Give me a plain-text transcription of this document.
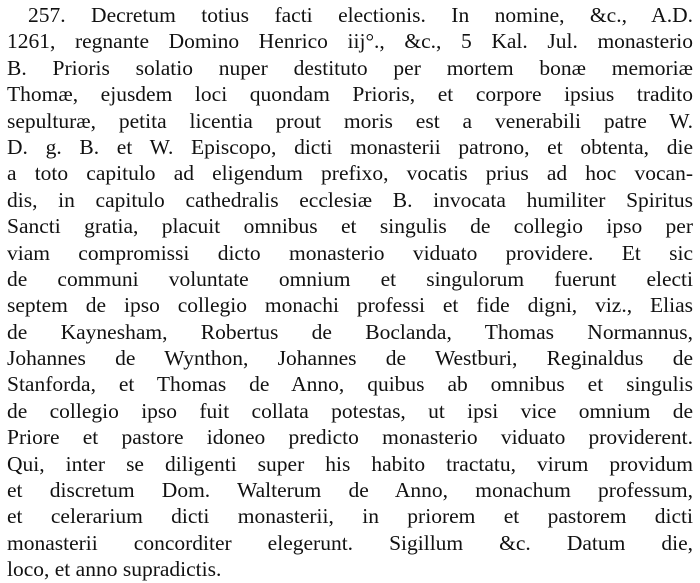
257. Decretum totius facti electionis. In nomine, &c., A.D.
1261, regnante Domino Henrico iij°., &c., 5 Kal. Jul. monasterio
B. Prioris solatio nuper destituto per mortem bonæ memoriæ
Thomæ, ejusdem loci quondam Prioris, et corpore ipsius tradito
sepulturæ, petita licentia prout moris est a venerabili patre W.
D. g. B. et W. Episcopo, dicti monasterii patrono, et obtenta, die
a toto capitulo ad eligendum prefixo, vocatis prius ad hoc vocan-
dis, in capitulo cathedralis ecclesiæ B. invocata humiliter Spiritus
Sancti gratia, placuit omnibus et singulis de collegio ipso per
viam compromissi dicto monasterio viduato providere. Et sic
de communi voluntate omnium et singulorum fuerunt electi
septem de ipso collegio monachi professi et fide digni, viz., Elias
de Kaynesham, Robertus de Boclanda, Thomas Normannus,
Johannes de Wynthon, Johannes de Westburi, Reginaldus de
Stanforda, et Thomas de Anno, quibus ab omnibus et singulis
de collegio ipso fuit collata potestas, ut ipsi vice omnium de
Priore et pastore idoneo predicto monasterio viduato providerent.
Qui, inter se diligenti super his habito tractatu, virum providum
et discretum Dom. Walterum de Anno, monachum professum,
et celerarium dicti monasterii, in priorem et pastorem dicti
monasterii concorditer elegerunt. Sigillum &c. Datum die,
loco, et anno supradictis.
